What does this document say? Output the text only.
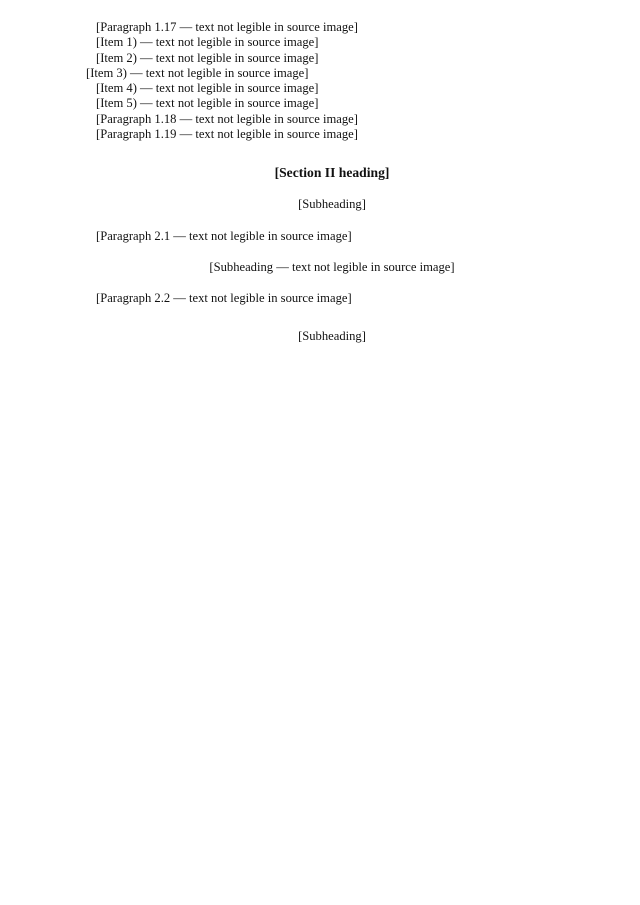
[Paragraph 1.17 — text not legible in source image]

[Item 1) — text not legible in source image]

[Item 2) — text not legible in source image]

[Item 3) — text not legible in source image]

[Item 4) — text not legible in source image]

[Item 5) — text not legible in source image]

[Paragraph 1.18 — text not legible in source image]

[Paragraph 1.19 — text not legible in source image]

[Section II heading]

[Subheading]

[Paragraph 2.1 — text not legible in source image]

[Subheading — text not legible in source image]

[Paragraph 2.2 — text not legible in source image]

[Subheading]
